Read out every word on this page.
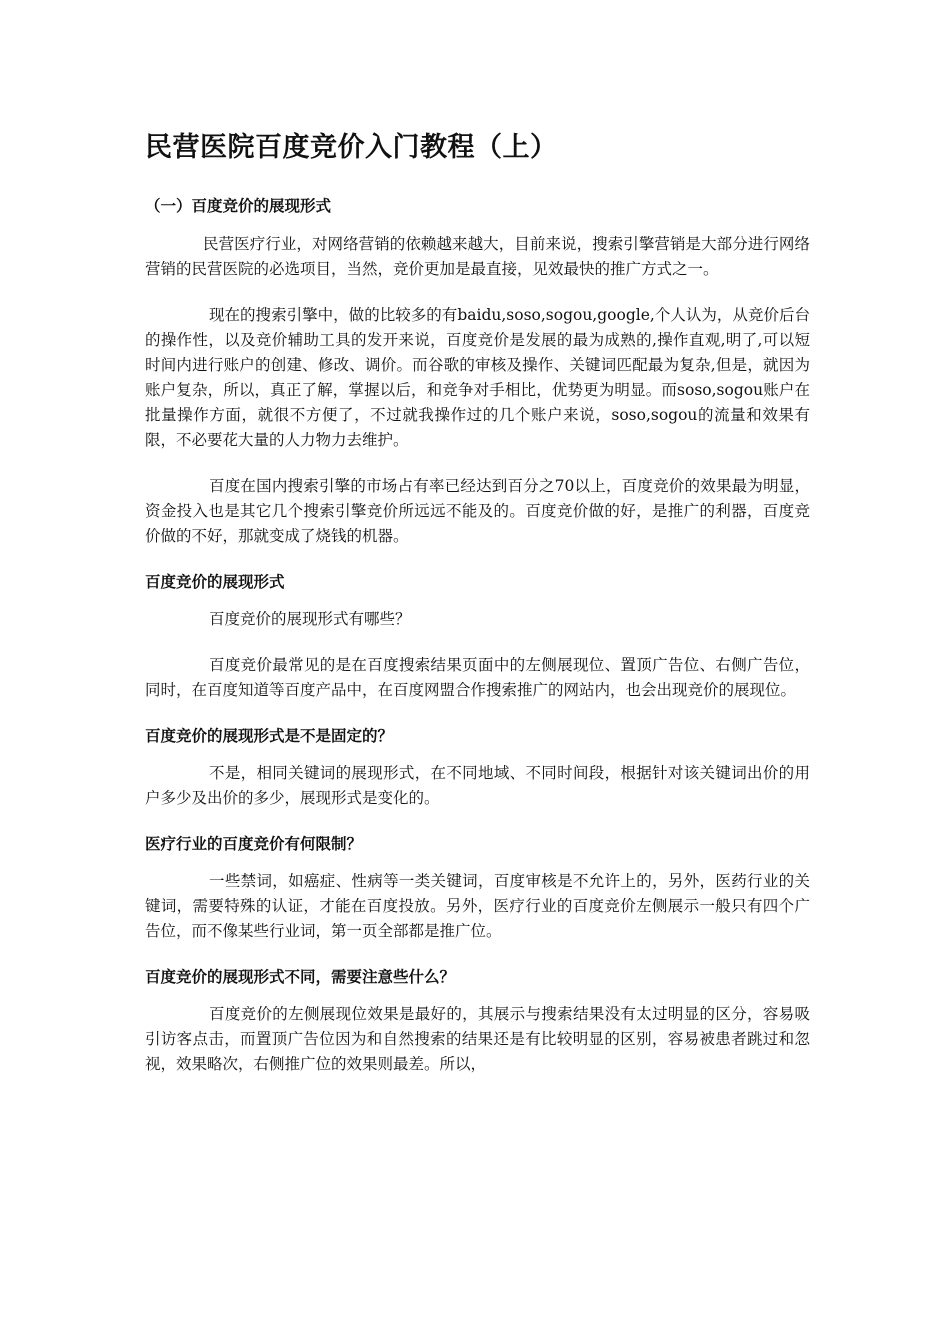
民营医院百度竞价入门教程（上）
（一）百度竞价的展现形式

民营医疗行业，对网络营销的依赖越来越大，目前来说，搜索引擎营销是大部分进行网络营销的民营医院的必选项目，当然，竞价更加是最直接，见效最快的推广方式之一。

现在的搜索引擎中，做的比较多的有baidu,soso,sogou,google,个人认为，从竞价后台的操作性，以及竞价辅助工具的发开来说，百度竞价是发展的最为成熟的,操作直观,明了,可以短时间内进行账户的创建、修改、调价。而谷歌的审核及操作、关键词匹配最为复杂,但是，就因为账户复杂，所以，真正了解，掌握以后，和竞争对手相比，优势更为明显。而soso,sogou账户在批量操作方面，就很不方便了，不过就我操作过的几个账户来说，soso,sogou的流量和效果有限，不必要花大量的人力物力去维护。

百度在国内搜索引擎的市场占有率已经达到百分之70以上，百度竞价的效果最为明显，资金投入也是其它几个搜索引擎竞价所远远不能及的。百度竞价做的好，是推广的利器，百度竞价做的不好，那就变成了烧钱的机器。

百度竞价的展现形式

百度竞价的展现形式有哪些？

百度竞价最常见的是在百度搜索结果页面中的左侧展现位、置顶广告位、右侧广告位，同时，在百度知道等百度产品中，在百度网盟合作搜索推广的网站内，也会出现竞价的展现位。

百度竞价的展现形式是不是固定的？

不是，相同关键词的展现形式，在不同地域、不同时间段，根据针对该关键词出价的用户多少及出价的多少，展现形式是变化的。

医疗行业的百度竞价有何限制？

一些禁词，如癌症、性病等一类关键词，百度审核是不允许上的，另外，医药行业的关键词，需要特殊的认证，才能在百度投放。另外，医疗行业的百度竞价左侧展示一般只有四个广告位，而不像某些行业词，第一页全部都是推广位。

百度竞价的展现形式不同，需要注意些什么？

百度竞价的左侧展现位效果是最好的，其展示与搜索结果没有太过明显的区分，容易吸引访客点击，而置顶广告位因为和自然搜索的结果还是有比较明显的区别，容易被患者跳过和忽视，效果略次，右侧推广位的效果则最差。所以，
